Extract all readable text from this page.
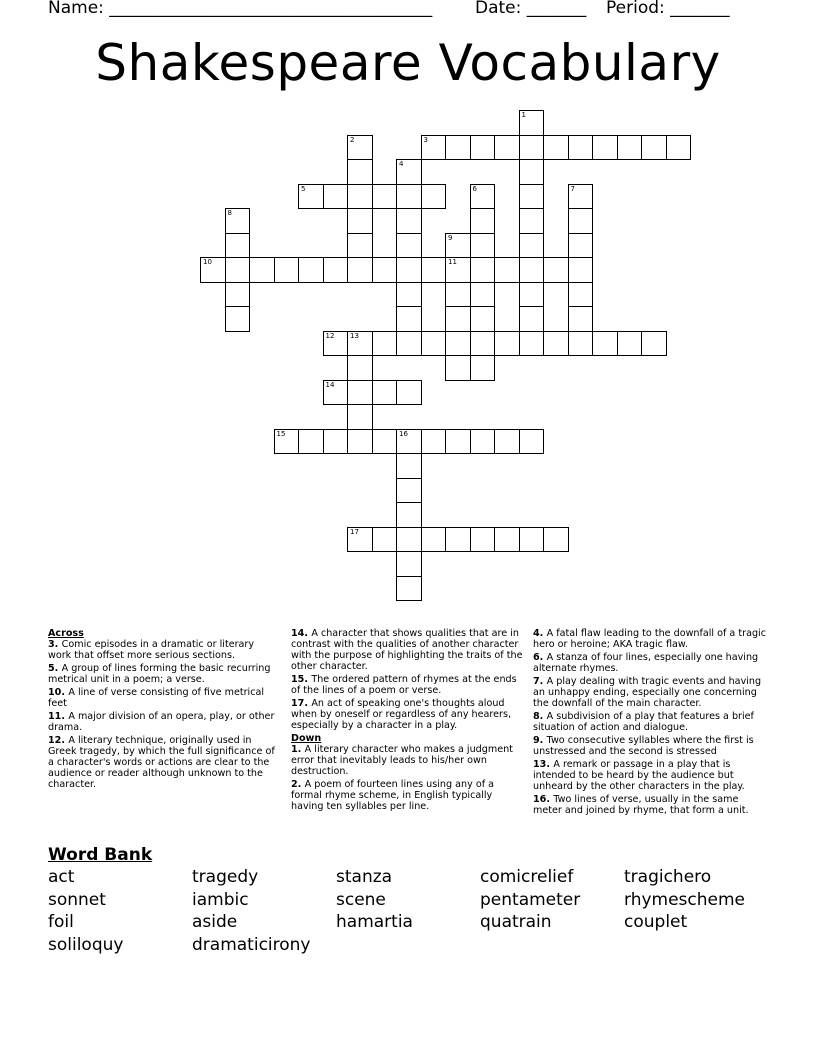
Name: ______________________________________	Date: _______ Period: _______
Shakespeare Vocabulary
1
2	3
4
5	6	7
8
9
11
10
12 13
14
15	16
17
Across
3. Comic episodes in a dramatic or literary work that offset more serious sections.
5. A group of lines forming the basic recurring metrical unit in a poem; a verse.
10. A line of verse consisting of five metrical feet
11. A major division of an opera, play, or other drama.
12. A literary technique, originally used in Greek tragedy, by which the full significance of a character's words or actions are clear to the audience or reader although unknown to the character.
14. A character that shows qualities that are in contrast with the qualities of another character with the purpose of highlighting the traits of the other character.
15. The ordered pattern of rhymes at the ends of the lines of a poem or verse.
17. An act of speaking one's thoughts aloud when by oneself or regardless of any hearers, especially by a character in a play.
Down
1. A literary character who makes a judgment error that inevitably leads to his/her own destruction.
2. A poem of fourteen lines using any of a formal rhyme scheme, in English typically having ten syllables per line.
4. A fatal flaw leading to the downfall of a tragic hero or heroine; AKA tragic flaw.
6. A stanza of four lines, especially one having alternate rhymes.
7. A play dealing with tragic events and having an unhappy ending, especially one concerning the downfall of the main character.
8. A subdivision of a play that features a brief situation of action and dialogue.
9. Two consecutive syllables where the first is unstressed and the second is stressed
13. A remark or passage in a play that is intended to be heard by the audience but unheard by the other characters in the play.
16. Two lines of verse, usually in the same meter and joined by rhyme, that form a unit.
Word Bank
act	tragedy	stanza	comicrelief	tragichero
sonnet	iambic	scene	pentameter	rhymescheme
foil	aside	hamartia	quatrain	couplet
soliloquy	dramaticirony
